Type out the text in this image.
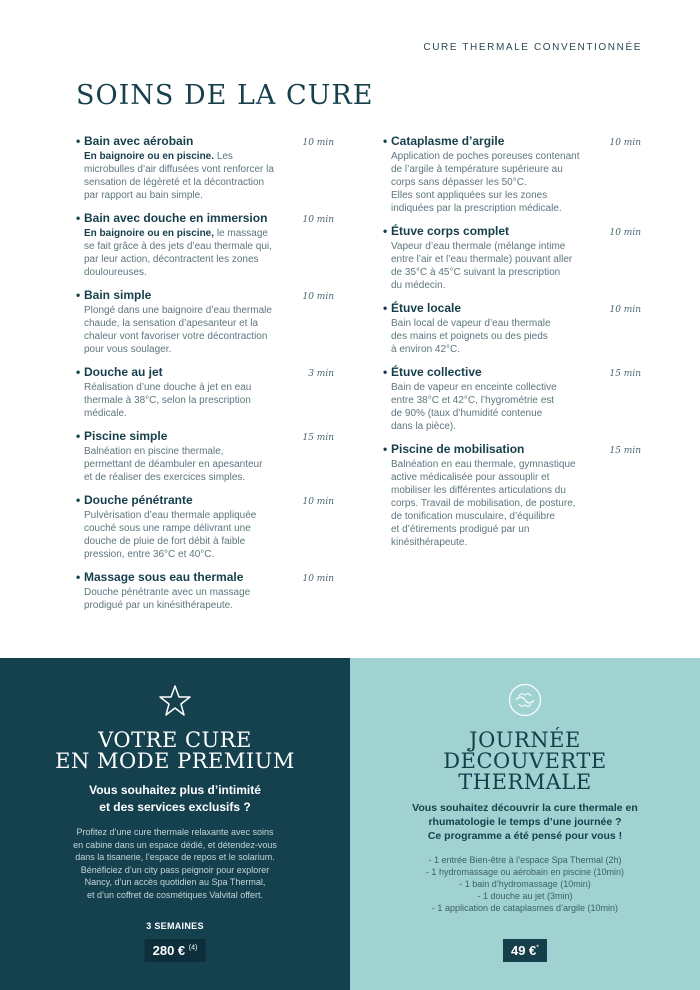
CURE THERMALE CONVENTIONNÉE
SOINS DE LA CURE
• Bain avec aérobain	10 min
En baignoire ou en piscine. Les
microbulles d’air diffusées vont renforcer la
sensation de légèreté et la décontraction
par rapport au bain simple.
• Bain avec douche en immersion	10 min
En baignoire ou en piscine, le massage
se fait grâce à des jets d’eau thermale qui,
par leur action, décontractent les zones
douloureuses.
• Bain simple	10 min
Plongé dans une baignoire d’eau thermale
chaude, la sensation d’apesanteur et la
chaleur vont favoriser votre décontraction
pour vous soulager.
• Douche au jet	3 min
Réalisation d’une douche à jet en eau
thermale à 38°C, selon la prescription
médicale.
• Piscine simple	15 min
Balnéation en piscine thermale,
permettant de déambuler en apesanteur
et de réaliser des exercices simples.
• Douche pénétrante	10 min
Pulvérisation d’eau thermale appliquée
couché sous une rampe délivrant une
douche de pluie de fort débit à faible
pression, entre 36°C et 40°C.
• Massage sous eau thermale	10 min
Douche pénétrante avec un massage
prodigué par un kinésithérapeute.
• Cataplasme d’argile	10 min
Application de poches poreuses contenant
de l’argile à température supérieure au
corps sans dépasser les 50°C.
Elles sont appliquées sur les zones
indiquées par la prescription médicale.
• Étuve corps complet	10 min
Vapeur d’eau thermale (mélange intime
entre l’air et l’eau thermale) pouvant aller
de 35°C à 45°C suivant la prescription
du médecin.
• Étuve locale	10 min
Bain local de vapeur d’eau thermale
des mains et poignets ou des pieds
à environ 42°C.
• Étuve collective	15 min
Bain de vapeur en enceinte collective
entre 38°C et 42°C, l’hygrométrie est
de 90% (taux d’humidité contenue
dans la pièce).
• Piscine de mobilisation	15 min
Balnéation en eau thermale, gymnastique
active médicalisée pour assouplir et
mobiliser les différentes articulations du
corps. Travail de mobilisation, de posture,
de tonification musculaire, d’équilibre
et d’étirements prodigué par un
kinésithérapeute.
VOTRE CURE
EN MODE PREMIUM
Vous souhaitez plus d’intimité
et des services exclusifs ?
Profitez d’une cure thermale relaxante avec soins
en cabine dans un espace dédié, et détendez-vous
dans la tisanerie, l’espace de repos et le solarium.
Bénéficiez d’un city pass peignoir pour explorer
Nancy, d’un accès quotidien au Spa Thermal,
et d’un coffret de cosmétiques Valvital offert.
3 SEMAINES
280 € $^{(4)}$
JOURNÉE
DÉCOUVERTE
THERMALE
Vous souhaitez découvrir la cure thermale en
rhumatologie le temps d’une journée ?
Ce programme a été pensé pour vous !
- 1 entrée Bien-être à l’espace Spa Thermal (2h)
- 1 hydromassage ou aérobain en piscine (10min)
- 1 bain d’hydromassage (10min)
- 1 douche au jet (3min)
- 1 application de cataplasmes d’argile (10min)
49 €*
